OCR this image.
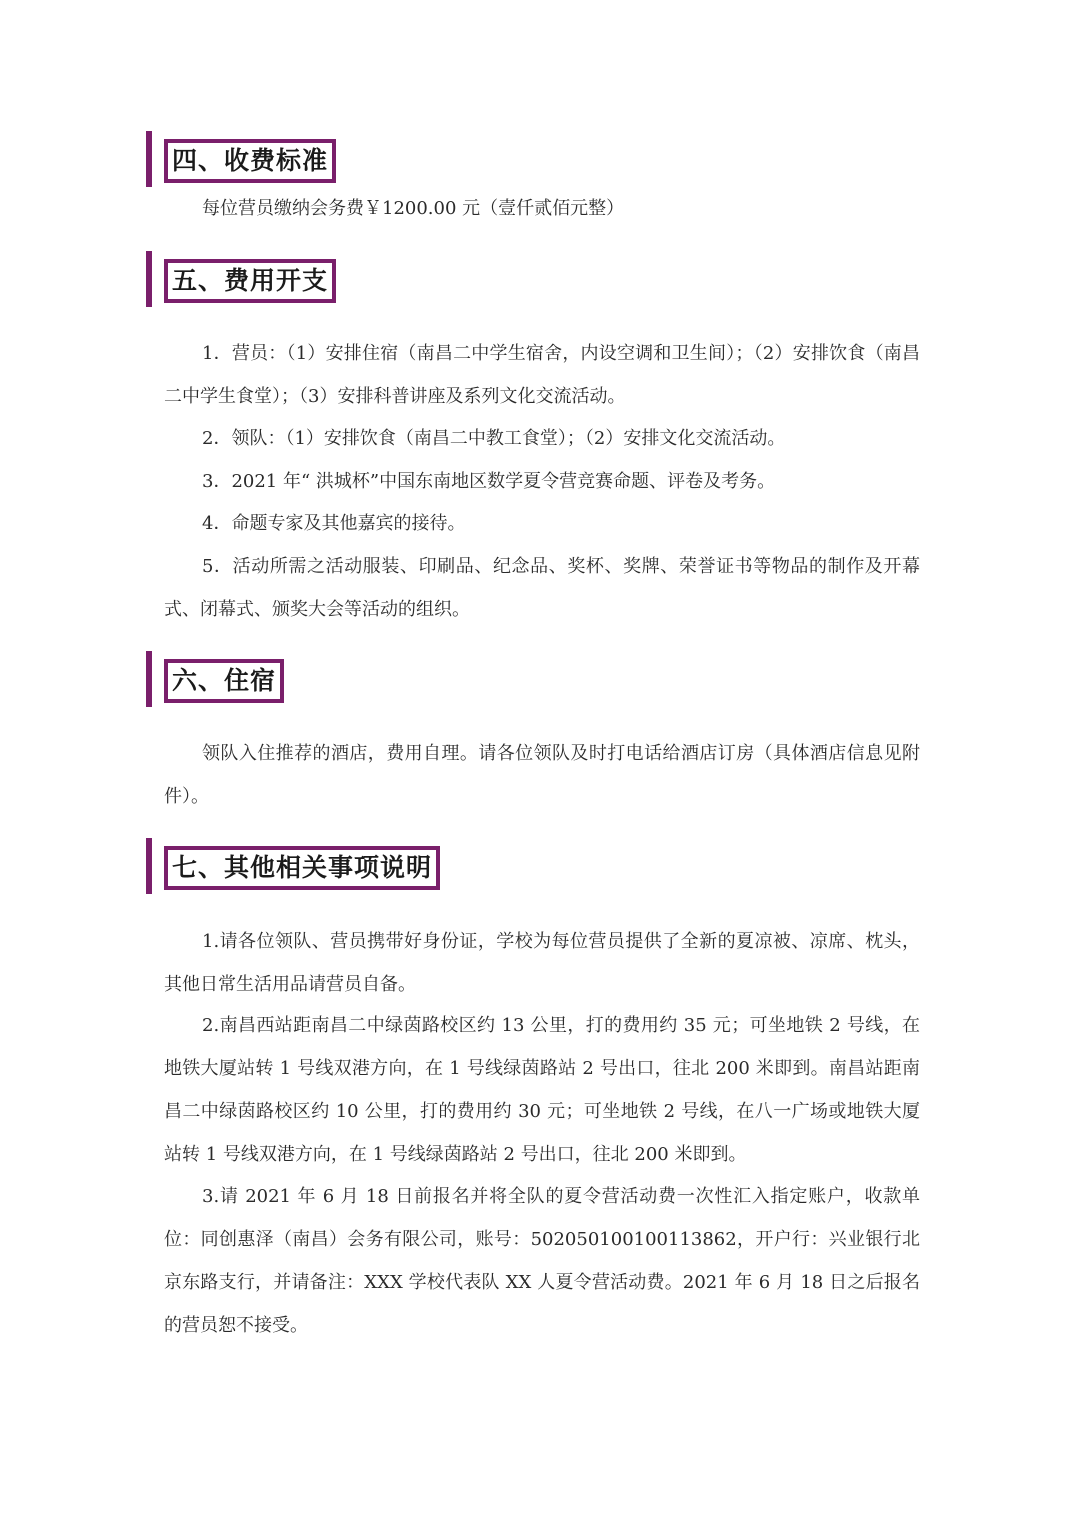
四、收费标准

每位营员缴纳会务费￥1200.00 元（壹仟贰佰元整）

五、费用开支

1．营员：（1）安排住宿（南昌二中学生宿舍，内设空调和卫生间）；（2）安排饮食（南昌二中学生食堂）；（3）安排科普讲座及系列文化交流活动。

2．领队：（1）安排饮食（南昌二中教工食堂）；（2）安排文化交流活动。

3．2021 年“ 洪城杯”中国东南地区数学夏令营竞赛命题、评卷及考务。

4．命题专家及其他嘉宾的接待。

5．活动所需之活动服装、印刷品、纪念品、奖杯、奖牌、荣誉证书等物品的制作及开幕式、闭幕式、颁奖大会等活动的组织。

六、住宿

领队入住推荐的酒店，费用自理。请各位领队及时打电话给酒店订房（具体酒店信息见附件）。

七、其他相关事项说明

1.请各位领队、营员携带好身份证，学校为每位营员提供了全新的夏凉被、凉席、枕头，其他日常生活用品请营员自备。

2.南昌西站距南昌二中绿茵路校区约 13 公里，打的费用约 35 元；可坐地铁 2 号线，在地铁大厦站转 1 号线双港方向，在 1 号线绿茵路站 2 号出口，往北 200 米即到。南昌站距南昌二中绿茵路校区约 10 公里，打的费用约 30 元；可坐地铁 2 号线，在八一广场或地铁大厦站转 1 号线双港方向，在 1 号线绿茵路站 2 号出口，往北 200 米即到。

3.请 2021 年 6 月 18 日前报名并将全队的夏令营活动费一次性汇入指定账户，收款单位：同创惠泽（南昌）会务有限公司，账号：502050100100113862，开户行：兴业银行北京东路支行，并请备注：XXX 学校代表队 XX 人夏令营活动费。2021 年 6 月 18 日之后报名的营员恕不接受。
